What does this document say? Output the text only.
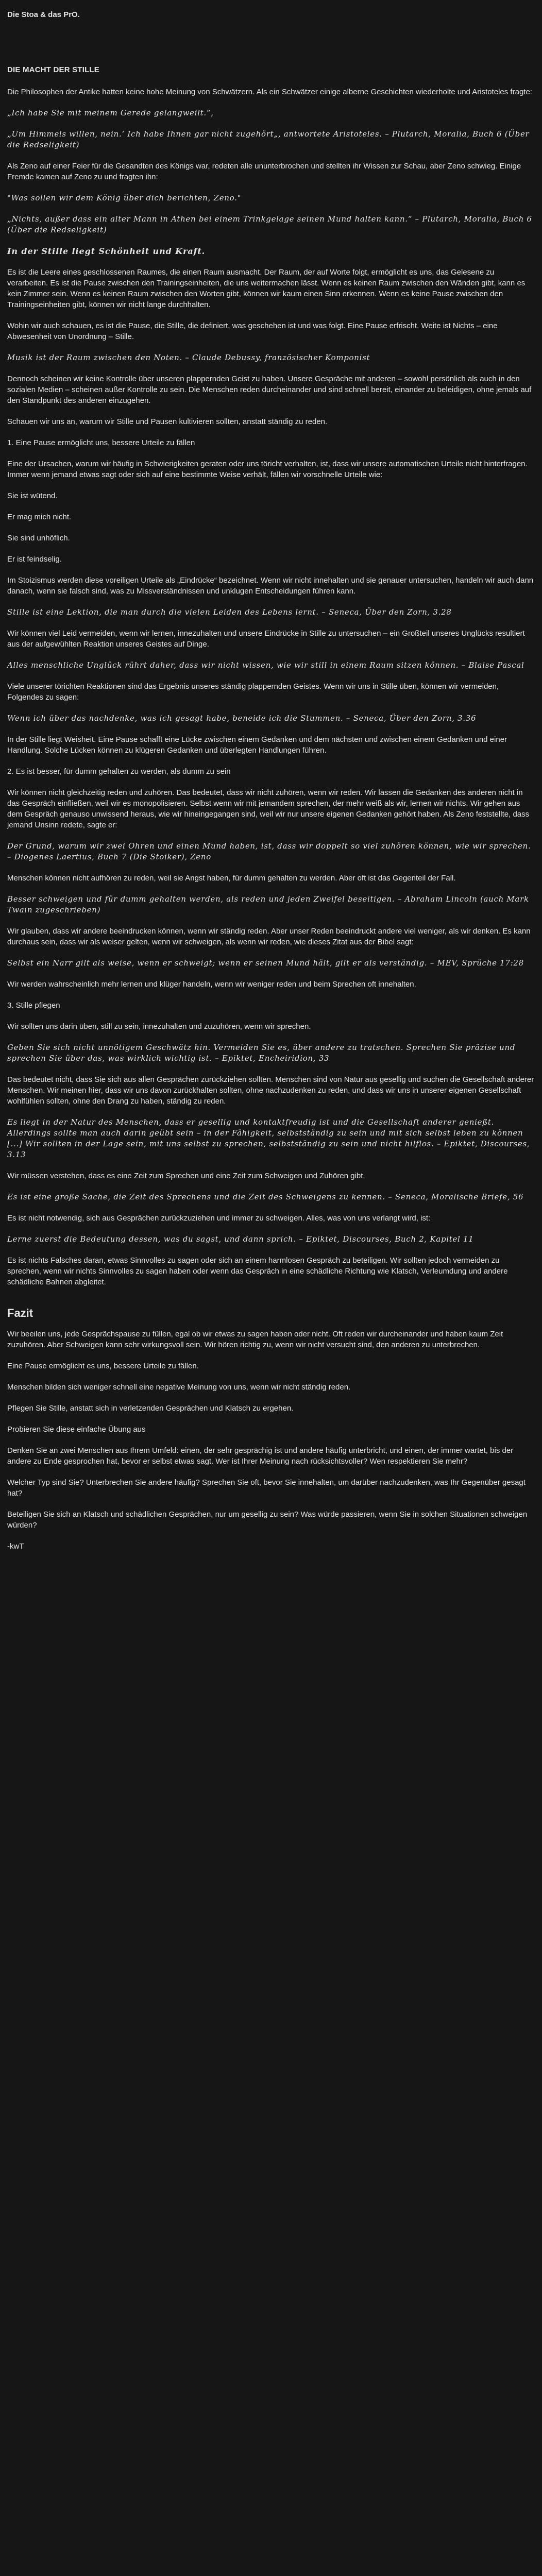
Die Stoa & das PrO.
DIE MACHT DER STILLE

Die Philosophen der Antike hatten keine hohe Meinung von Schwätzern. Als ein Schwätzer einige alberne Geschichten wiederholte und Aristoteles fragte:

„Ich habe Sie mit meinem Gerede gelangweilt.“,

„Um Himmels willen, nein.‘ Ich habe Ihnen gar nicht zugehört„‚ antwortete Aristoteles. – Plutarch, Moralia, Buch 6 (Über die Redseligkeit)

Als Zeno auf einer Feier für die Gesandten des Königs war, redeten alle ununterbrochen und stellten ihr Wissen zur Schau, aber Zeno schwieg. Einige Fremde kamen auf Zeno zu und fragten ihn:

"Was sollen wir dem König über dich berichten, Zeno."

„Nichts, außer dass ein alter Mann in Athen bei einem Trinkgelage seinen Mund halten kann.“ – Plutarch, Moralia, Buch 6 (Über die Redseligkeit)

In der Stille liegt Schönheit und Kraft.

Es ist die Leere eines geschlossenen Raumes, die einen Raum ausmacht. Der Raum, der auf Worte folgt, ermöglicht es uns, das Gelesene zu verarbeiten. Es ist die Pause zwischen den Trainingseinheiten, die uns weitermachen lässt. Wenn es keinen Raum zwischen den Wänden gibt, kann es kein Zimmer sein. Wenn es keinen Raum zwischen den Worten gibt, können wir kaum einen Sinn erkennen. Wenn es keine Pause zwischen den Trainingseinheiten gibt, können wir nicht lange durchhalten.

Wohin wir auch schauen, es ist die Pause, die Stille, die definiert, was geschehen ist und was folgt. Eine Pause erfrischt. Weite ist Nichts – eine Abwesenheit von Unordnung – Stille.

Musik ist der Raum zwischen den Noten. – Claude Debussy, französischer Komponist

Dennoch scheinen wir keine Kontrolle über unseren plappernden Geist zu haben. Unsere Gespräche mit anderen – sowohl persönlich als auch in den sozialen Medien – scheinen außer Kontrolle zu sein. Die Menschen reden durcheinander und sind schnell bereit, einander zu beleidigen, ohne jemals auf den Standpunkt des anderen einzugehen.

Schauen wir uns an, warum wir Stille und Pausen kultivieren sollten, anstatt ständig zu reden.

1. Eine Pause ermöglicht uns, bessere Urteile zu fällen

Eine der Ursachen, warum wir häufig in Schwierigkeiten geraten oder uns töricht verhalten, ist, dass wir unsere automatischen Urteile nicht hinterfragen. Immer wenn jemand etwas sagt oder sich auf eine bestimmte Weise verhält, fällen wir vorschnelle Urteile wie:

Sie ist wütend.

Er mag mich nicht.

Sie sind unhöflich.

Er ist feindselig.

Im Stoizismus werden diese voreiligen Urteile als „Eindrücke“ bezeichnet. Wenn wir nicht innehalten und sie genauer untersuchen, handeln wir auch dann danach, wenn sie falsch sind, was zu Missverständnissen und unklugen Entscheidungen führen kann.

Stille ist eine Lektion, die man durch die vielen Leiden des Lebens lernt. – Seneca, Über den Zorn, 3.28

Wir können viel Leid vermeiden, wenn wir lernen, innezuhalten und unsere Eindrücke in Stille zu untersuchen – ein Großteil unseres Unglücks resultiert aus der aufgewühlten Reaktion unseres Geistes auf Dinge.

Alles menschliche Unglück rührt daher, dass wir nicht wissen, wie wir still in einem Raum sitzen können. – Blaise Pascal

Viele unserer törichten Reaktionen sind das Ergebnis unseres ständig plappernden Geistes. Wenn wir uns in Stille üben, können wir vermeiden, Folgendes zu sagen:

Wenn ich über das nachdenke, was ich gesagt habe, beneide ich die Stummen. – Seneca, Über den Zorn, 3.36

In der Stille liegt Weisheit. Eine Pause schafft eine Lücke zwischen einem Gedanken und dem nächsten und zwischen einem Gedanken und einer Handlung. Solche Lücken können zu klügeren Gedanken und überlegten Handlungen führen.

2. Es ist besser, für dumm gehalten zu werden, als dumm zu sein

Wir können nicht gleichzeitig reden und zuhören. Das bedeutet, dass wir nicht zuhören, wenn wir reden. Wir lassen die Gedanken des anderen nicht in das Gespräch einfließen, weil wir es monopolisieren. Selbst wenn wir mit jemandem sprechen, der mehr weiß als wir, lernen wir nichts. Wir gehen aus dem Gespräch genauso unwissend heraus, wie wir hineingegangen sind, weil wir nur unsere eigenen Gedanken gehört haben. Als Zeno feststellte, dass jemand Unsinn redete, sagte er:

Der Grund, warum wir zwei Ohren und einen Mund haben, ist, dass wir doppelt so viel zuhören können, wie wir sprechen. – Diogenes Laertius, Buch 7 (Die Stoiker), Zeno

Menschen können nicht aufhören zu reden, weil sie Angst haben, für dumm gehalten zu werden. Aber oft ist das Gegenteil der Fall.

Besser schweigen und für dumm gehalten werden, als reden und jeden Zweifel beseitigen. – Abraham Lincoln (auch Mark Twain zugeschrieben)

Wir glauben, dass wir andere beeindrucken können, wenn wir ständig reden. Aber unser Reden beeindruckt andere viel weniger, als wir denken. Es kann durchaus sein, dass wir als weiser gelten, wenn wir schweigen, als wenn wir reden, wie dieses Zitat aus der Bibel sagt:

Selbst ein Narr gilt als weise, wenn er schweigt; wenn er seinen Mund hält, gilt er als verständig. – MEV, Sprüche 17:28

Wir werden wahrscheinlich mehr lernen und klüger handeln, wenn wir weniger reden und beim Sprechen oft innehalten.

3. Stille pflegen

Wir sollten uns darin üben, still zu sein, innezuhalten und zuzuhören, wenn wir sprechen.

Geben Sie sich nicht unnötigem Geschwätz hin. Vermeiden Sie es, über andere zu tratschen. Sprechen Sie präzise und sprechen Sie über das, was wirklich wichtig ist. – Epiktet, Encheiridion, 33

Das bedeutet nicht, dass Sie sich aus allen Gesprächen zurückziehen sollten. Menschen sind von Natur aus gesellig und suchen die Gesellschaft anderer Menschen. Wir meinen hier, dass wir uns davon zurückhalten sollten, ohne nachzudenken zu reden, und dass wir uns in unserer eigenen Gesellschaft wohlfühlen sollten, ohne den Drang zu haben, ständig zu reden.

Es liegt in der Natur des Menschen, dass er gesellig und kontaktfreudig ist und die Gesellschaft anderer genießt. Allerdings sollte man auch darin geübt sein – in der Fähigkeit, selbstständig zu sein und mit sich selbst leben zu können [...] Wir sollten in der Lage sein, mit uns selbst zu sprechen, selbstständig zu sein und nicht hilflos. – Epiktet, Discourses, 3.13

Wir müssen verstehen, dass es eine Zeit zum Sprechen und eine Zeit zum Schweigen und Zuhören gibt.

Es ist eine große Sache, die Zeit des Sprechens und die Zeit des Schweigens zu kennen. – Seneca, Moralische Briefe, 56

Es ist nicht notwendig, sich aus Gesprächen zurückzuziehen und immer zu schweigen. Alles, was von uns verlangt wird, ist:

Lerne zuerst die Bedeutung dessen, was du sagst, und dann sprich. – Epiktet, Discourses, Buch 2, Kapitel 11

Es ist nichts Falsches daran, etwas Sinnvolles zu sagen oder sich an einem harmlosen Gespräch zu beteiligen. Wir sollten jedoch vermeiden zu sprechen, wenn wir nichts Sinnvolles zu sagen haben oder wenn das Gespräch in eine schädliche Richtung wie Klatsch, Verleumdung und andere schädliche Bahnen abgleitet.

Fazit

Wir beeilen uns, jede Gesprächspause zu füllen, egal ob wir etwas zu sagen haben oder nicht. Oft reden wir durcheinander und haben kaum Zeit zuzuhören. Aber Schweigen kann sehr wirkungsvoll sein. Wir hören richtig zu, wenn wir nicht versucht sind, den anderen zu unterbrechen.

Eine Pause ermöglicht es uns, bessere Urteile zu fällen.

Menschen bilden sich weniger schnell eine negative Meinung von uns, wenn wir nicht ständig reden.

Pflegen Sie Stille, anstatt sich in verletzenden Gesprächen und Klatsch zu ergehen.

Probieren Sie diese einfache Übung aus

Denken Sie an zwei Menschen aus Ihrem Umfeld: einen, der sehr gesprächig ist und andere häufig unterbricht, und einen, der immer wartet, bis der andere zu Ende gesprochen hat, bevor er selbst etwas sagt. Wer ist Ihrer Meinung nach rücksichtsvoller? Wen respektieren Sie mehr?

Welcher Typ sind Sie? Unterbrechen Sie andere häufig? Sprechen Sie oft, bevor Sie innehalten, um darüber nachzudenken, was Ihr Gegenüber gesagt hat?

Beteiligen Sie sich an Klatsch und schädlichen Gesprächen, nur um gesellig zu sein? Was würde passieren, wenn Sie in solchen Situationen schweigen würden?

-kwT
